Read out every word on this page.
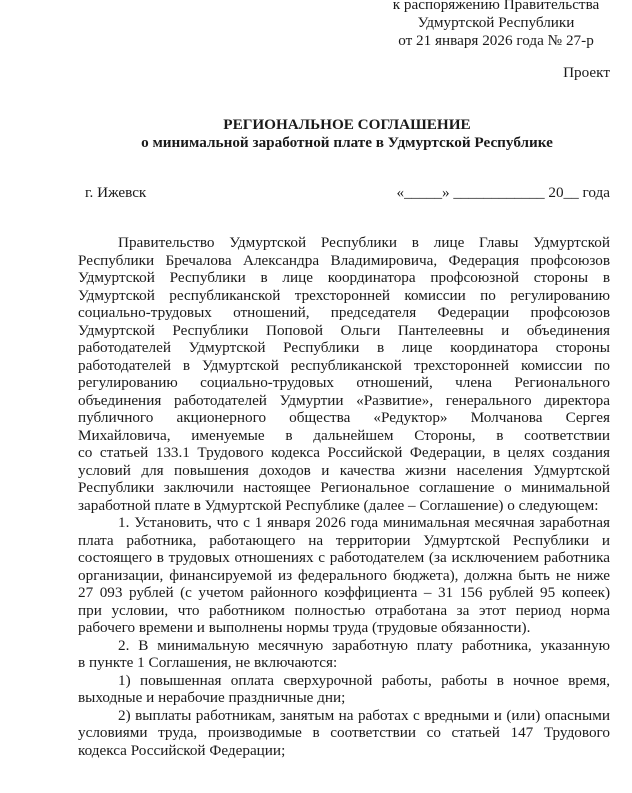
к распоряжению Правительства
Удмуртской Республики
от 21 января 2026 года № 27-р
Проект
РЕГИОНАЛЬНОЕ СОГЛАШЕНИЕ
о минимальной заработной плате в Удмуртской Республике
г. Ижевск	«_____» ____________ 20__ года
Правительство Удмуртской Республики в лице Главы Удмуртской
Республики Бречалова Александра Владимировича, Федерация профсоюзов
Удмуртской Республики в лице координатора профсоюзной стороны в
Удмуртской республиканской трехсторонней комиссии по регулированию
социально-трудовых отношений, председателя Федерации профсоюзов
Удмуртской Республики Поповой Ольги Пантелеевны и объединения
работодателей Удмуртской Республики в лице координатора стороны
работодателей в Удмуртской республиканской трехсторонней комиссии по
регулированию социально-трудовых отношений, члена Регионального
объединения работодателей Удмуртии «Развитие», генерального директора
публичного акционерного общества «Редуктор» Молчанова Сергея
Михайловича, именуемые в дальнейшем Стороны, в соответствии
со статьей 133.1 Трудового кодекса Российской Федерации, в целях создания
условий для повышения доходов и качества жизни населения Удмуртской
Республики заключили настоящее Региональное соглашение о минимальной
заработной плате в Удмуртской Республике (далее – Соглашение) о следующем:
1. Установить, что с 1 января 2026 года минимальная месячная заработная
плата работника, работающего на территории Удмуртской Республики и
состоящего в трудовых отношениях с работодателем (за исключением работника
организации, финансируемой из федерального бюджета), должна быть не ниже
27 093 рублей (с учетом районного коэффициента – 31 156 рублей 95 копеек)
при условии, что работником полностью отработана за этот период норма
рабочего времени и выполнены нормы труда (трудовые обязанности).
2. В минимальную месячную заработную плату работника, указанную
в пункте 1 Соглашения, не включаются:
1) повышенная оплата сверхурочной работы, работы в ночное время,
выходные и нерабочие праздничные дни;
2) выплаты работникам, занятым на работах с вредными и (или) опасными
условиями труда, производимые в соответствии со статьей 147 Трудового
кодекса Российской Федерации;
